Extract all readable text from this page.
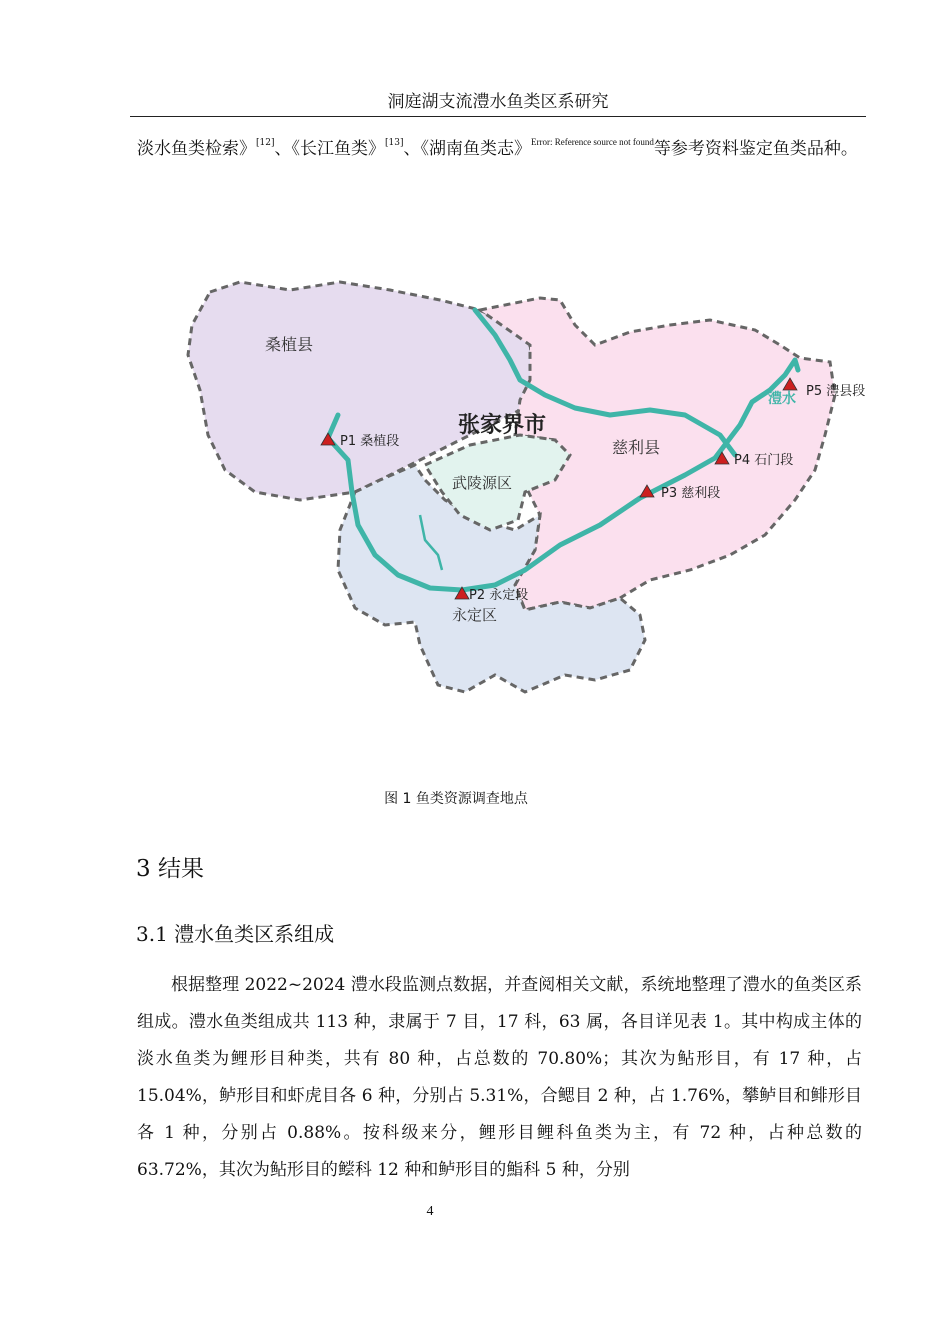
洞庭湖支流澧水鱼类区系研究

淡水鱼类检索》[12]、《长江鱼类》[13]、《湖南鱼类志》$^{Error: Reference source not found}$等参考资料鉴定鱼类品种。

桑植县
张家界市
武陵源区
慈利县
永定区
澧水
P1 桑植段
P2 永定段
P3 慈利段
P4 石门段
P5 澧县段
图 1 鱼类资源调查地点
3 结果
3.1 澧水鱼类区系组成

根据整理 2022~2024 澧水段监测点数据，并查阅相关文献，系统地整理了澧水的鱼类区系组成。澧水鱼类组成共 113 种，隶属于 7 目，17 科，63 属，各目详见表 1。其中构成主体的淡水鱼类为鲤形目种类，共有 80 种，占总数的 70.80%；其次为鲇形目，有 17 种，占 15.04%，鲈形目和虾虎目各 6 种，分别占 5.31%，合鳃目 2 种，占 1.76%，攀鲈目和鲱形目各 1 种，分别占 0.88%。按科级来分，鲤形目鲤科鱼类为主，有 72 种，占种总数的 63.72%，其次为鲇形目的鲿科 12 种和鲈形目的鮨科 5 种，分别

4
